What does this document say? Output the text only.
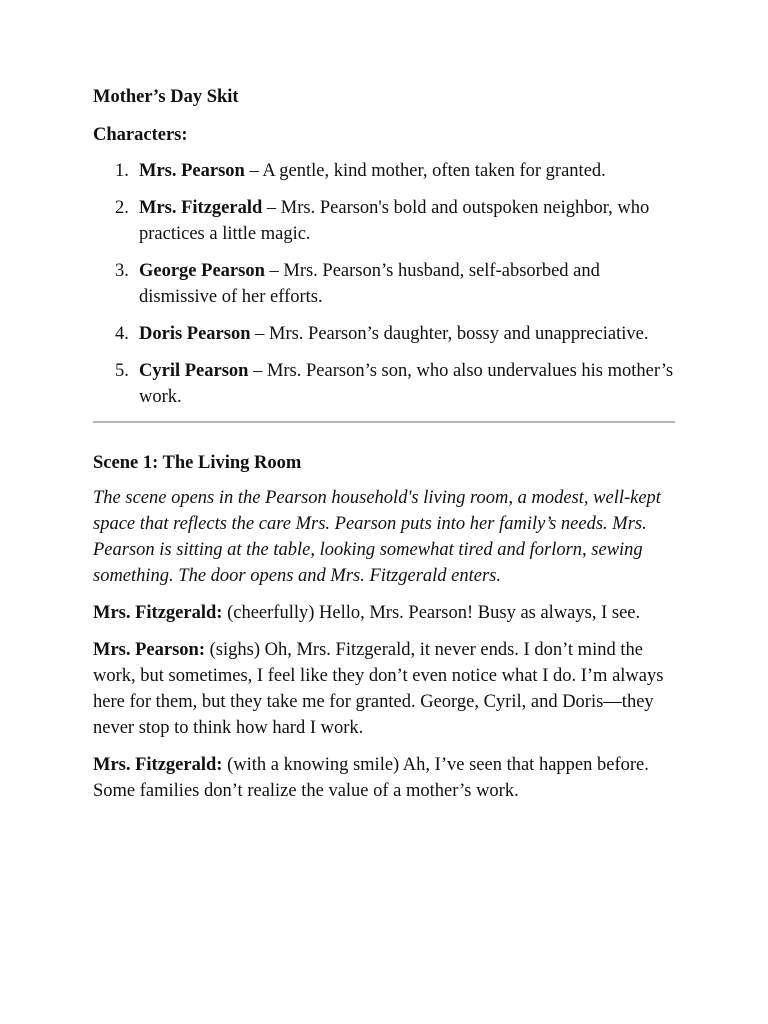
Mother’s Day Skit
Characters:
1. Mrs. Pearson – A gentle, kind mother, often taken for granted.
2. Mrs. Fitzgerald – Mrs. Pearson's bold and outspoken neighbor, who practices a little magic.
3. George Pearson – Mrs. Pearson’s husband, self-absorbed and dismissive of her efforts.
4. Doris Pearson – Mrs. Pearson’s daughter, bossy and unappreciative.
5. Cyril Pearson – Mrs. Pearson’s son, who also undervalues his mother’s work.
Scene 1: The Living Room

The scene opens in the Pearson household's living room, a modest, well-kept space that reflects the care Mrs. Pearson puts into her family’s needs. Mrs. Pearson is sitting at the table, looking somewhat tired and forlorn, sewing something. The door opens and Mrs. Fitzgerald enters.

Mrs. Fitzgerald: (cheerfully) Hello, Mrs. Pearson! Busy as always, I see.

Mrs. Pearson: (sighs) Oh, Mrs. Fitzgerald, it never ends. I don’t mind the work, but sometimes, I feel like they don’t even notice what I do. I’m always here for them, but they take me for granted. George, Cyril, and Doris—they never stop to think how hard I work.

Mrs. Fitzgerald: (with a knowing smile) Ah, I’ve seen that happen before. Some families don’t realize the value of a mother’s work.
